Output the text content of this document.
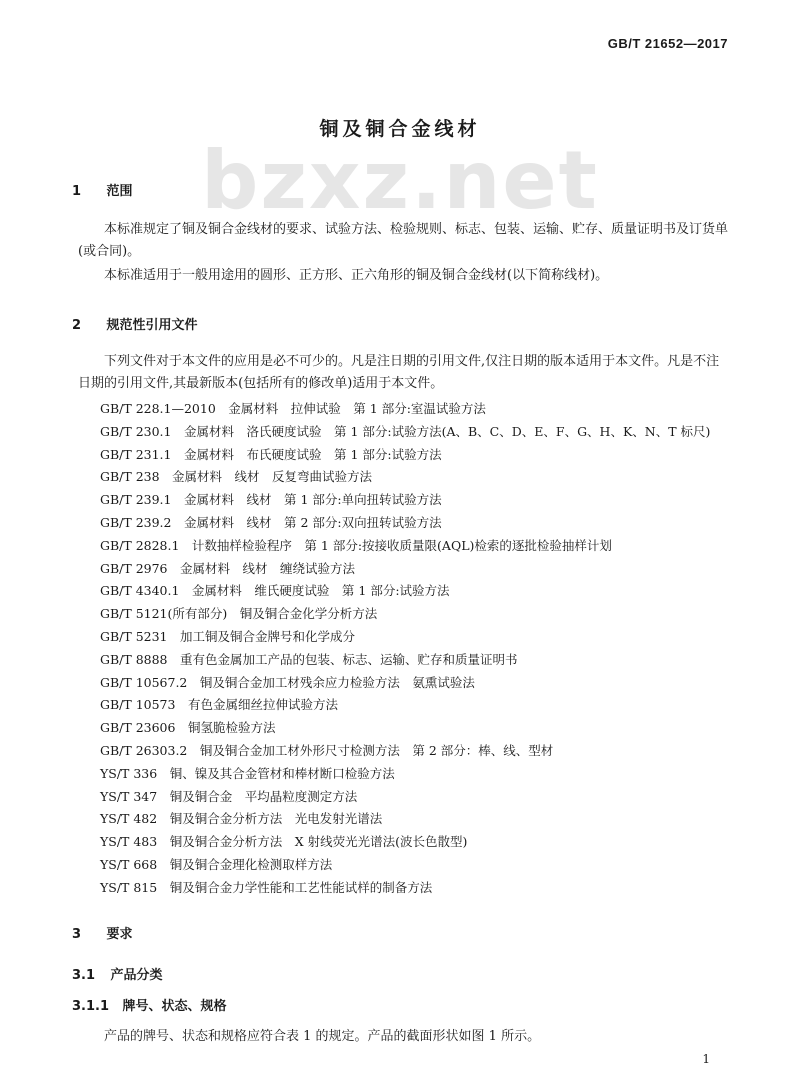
GB/T 21652—2017
bzxz.net
铜及铜合金线材
1 范围

本标准规定了铜及铜合金线材的要求、试验方法、检验规则、标志、包装、运输、贮存、质量证明书及订货单(或合同)。

本标准适用于一般用途用的圆形、正方形、正六角形的铜及铜合金线材(以下简称线材)。

2 规范性引用文件

下列文件对于本文件的应用是必不可少的。凡是注日期的引用文件,仅注日期的版本适用于本文件。凡是不注日期的引用文件,其最新版本(包括所有的修改单)适用于本文件。

GB/T 228.1—2010　金属材料　拉伸试验　第 1 部分:室温试验方法
GB/T 230.1　金属材料　洛氏硬度试验　第 1 部分:试验方法(A、B、C、D、E、F、G、H、K、N、T 标尺)
GB/T 231.1　金属材料　布氏硬度试验　第 1 部分:试验方法
GB/T 238　金属材料　线材　反复弯曲试验方法
GB/T 239.1　金属材料　线材　第 1 部分:单向扭转试验方法
GB/T 239.2　金属材料　线材　第 2 部分:双向扭转试验方法
GB/T 2828.1　计数抽样检验程序　第 1 部分:按接收质量限(AQL)检索的逐批检验抽样计划
GB/T 2976　金属材料　线材　缠绕试验方法
GB/T 4340.1　金属材料　维氏硬度试验　第 1 部分:试验方法
GB/T 5121(所有部分)　铜及铜合金化学分析方法
GB/T 5231　加工铜及铜合金牌号和化学成分
GB/T 8888　重有色金属加工产品的包装、标志、运输、贮存和质量证明书
GB/T 10567.2　铜及铜合金加工材残余应力检验方法　氨熏试验法
GB/T 10573　有色金属细丝拉伸试验方法
GB/T 23606　铜氢脆检验方法
GB/T 26303.2　铜及铜合金加工材外形尺寸检测方法　第 2 部分：棒、线、型材
YS/T 336　铜、镍及其合金管材和棒材断口检验方法
YS/T 347　铜及铜合金　平均晶粒度测定方法
YS/T 482　铜及铜合金分析方法　光电发射光谱法
YS/T 483　铜及铜合金分析方法　X 射线荧光光谱法(波长色散型)
YS/T 668　铜及铜合金理化检测取样方法
YS/T 815　铜及铜合金力学性能和工艺性能试样的制备方法
3 要求
3.1 产品分类
3.1.1 牌号、状态、规格

产品的牌号、状态和规格应符合表 1 的规定。产品的截面形状如图 1 所示。

1
